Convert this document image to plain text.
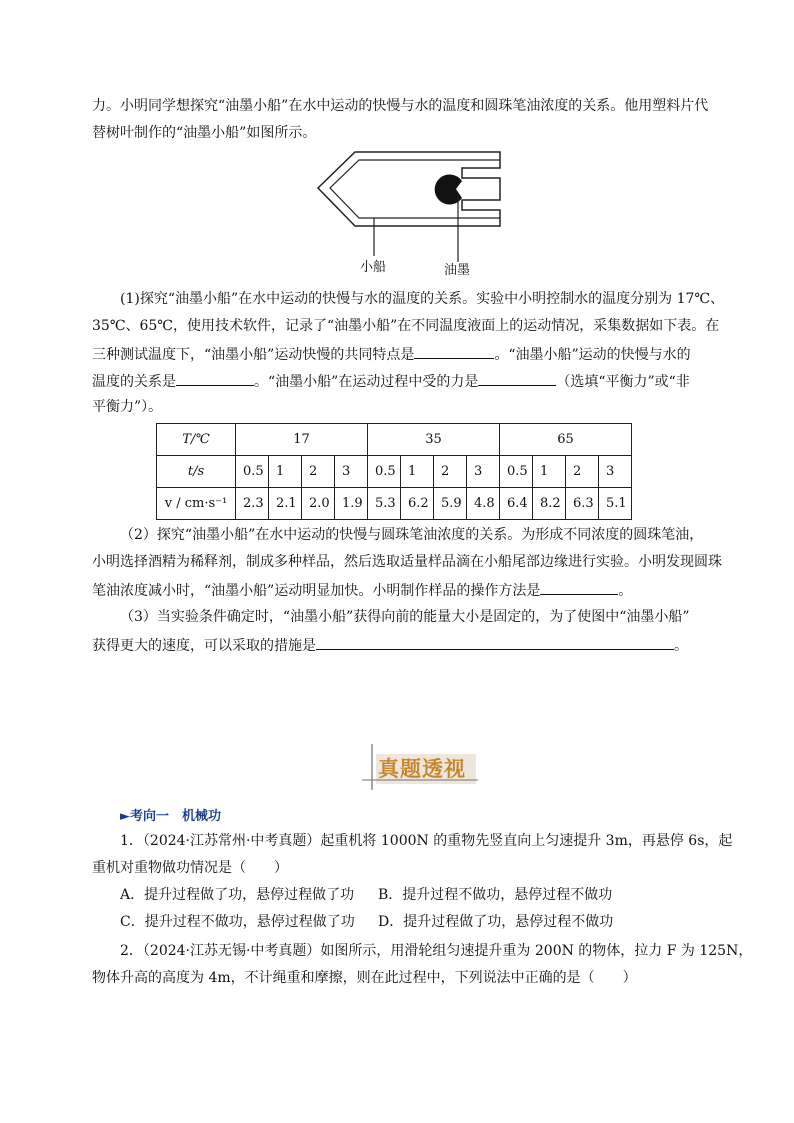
力。小明同学想探究“油墨小船”在水中运动的快慢与水的温度和圆珠笔油浓度的关系。他用塑料片代
替树叶制作的“油墨小船”如图所示。
小船	油墨
(1)探究“油墨小船”在水中运动的快慢与水的温度的关系。实验中小明控制水的温度分别为 17℃、
35℃、65℃，使用技术软件，记录了“油墨小船”在不同温度液面上的运动情况，采集数据如下表。在
三种测试温度下，“油墨小船”运动快慢的共同特点是	。“油墨小船”运动的快慢与水的
温度的关系是	。“油墨小船”在运动过程中受的力是	（选填“平衡力”或“非
平衡力”）。
T/℃	17				35				65			
t/s	0.5	1	2	3	0.5	1	2	3	0.5	1	2	3
v / cm·s⁻¹	2.3	2.1	2.0	1.9	5.3	6.2	5.9	4.8	6.4	8.2	6.3	5.1
（2）探究“油墨小船”在水中运动的快慢与圆珠笔油浓度的关系。为形成不同浓度的圆珠笔油，
小明选择酒精为稀释剂，制成多种样品，然后选取适量样品滴在小船尾部边缘进行实验。小明发现圆珠
笔油浓度减小时，“油墨小船”运动明显加快。小明制作样品的操作方法是	。
（3）当实验条件确定时，“油墨小船”获得向前的能量大小是固定的，为了使图中“油墨小船”
获得更大的速度，可以采取的措施是	。
真题透视
►考向一　机械功
1．（2024·江苏常州·中考真题）起重机将 1000N 的重物先竖直向上匀速提升 3m，再悬停 6s，起
重机对重物做功情况是（　　）
A．提升过程做了功，悬停过程做了功 B．提升过程不做功，悬停过程不做功
C．提升过程不做功，悬停过程做了功 D．提升过程做了功，悬停过程不做功
2．（2024·江苏无锡·中考真题）如图所示，用滑轮组匀速提升重为 200N 的物体，拉力 F 为 125N，
物体升高的高度为 4m，不计绳重和摩擦，则在此过程中，下列说法中正确的是（　　）
